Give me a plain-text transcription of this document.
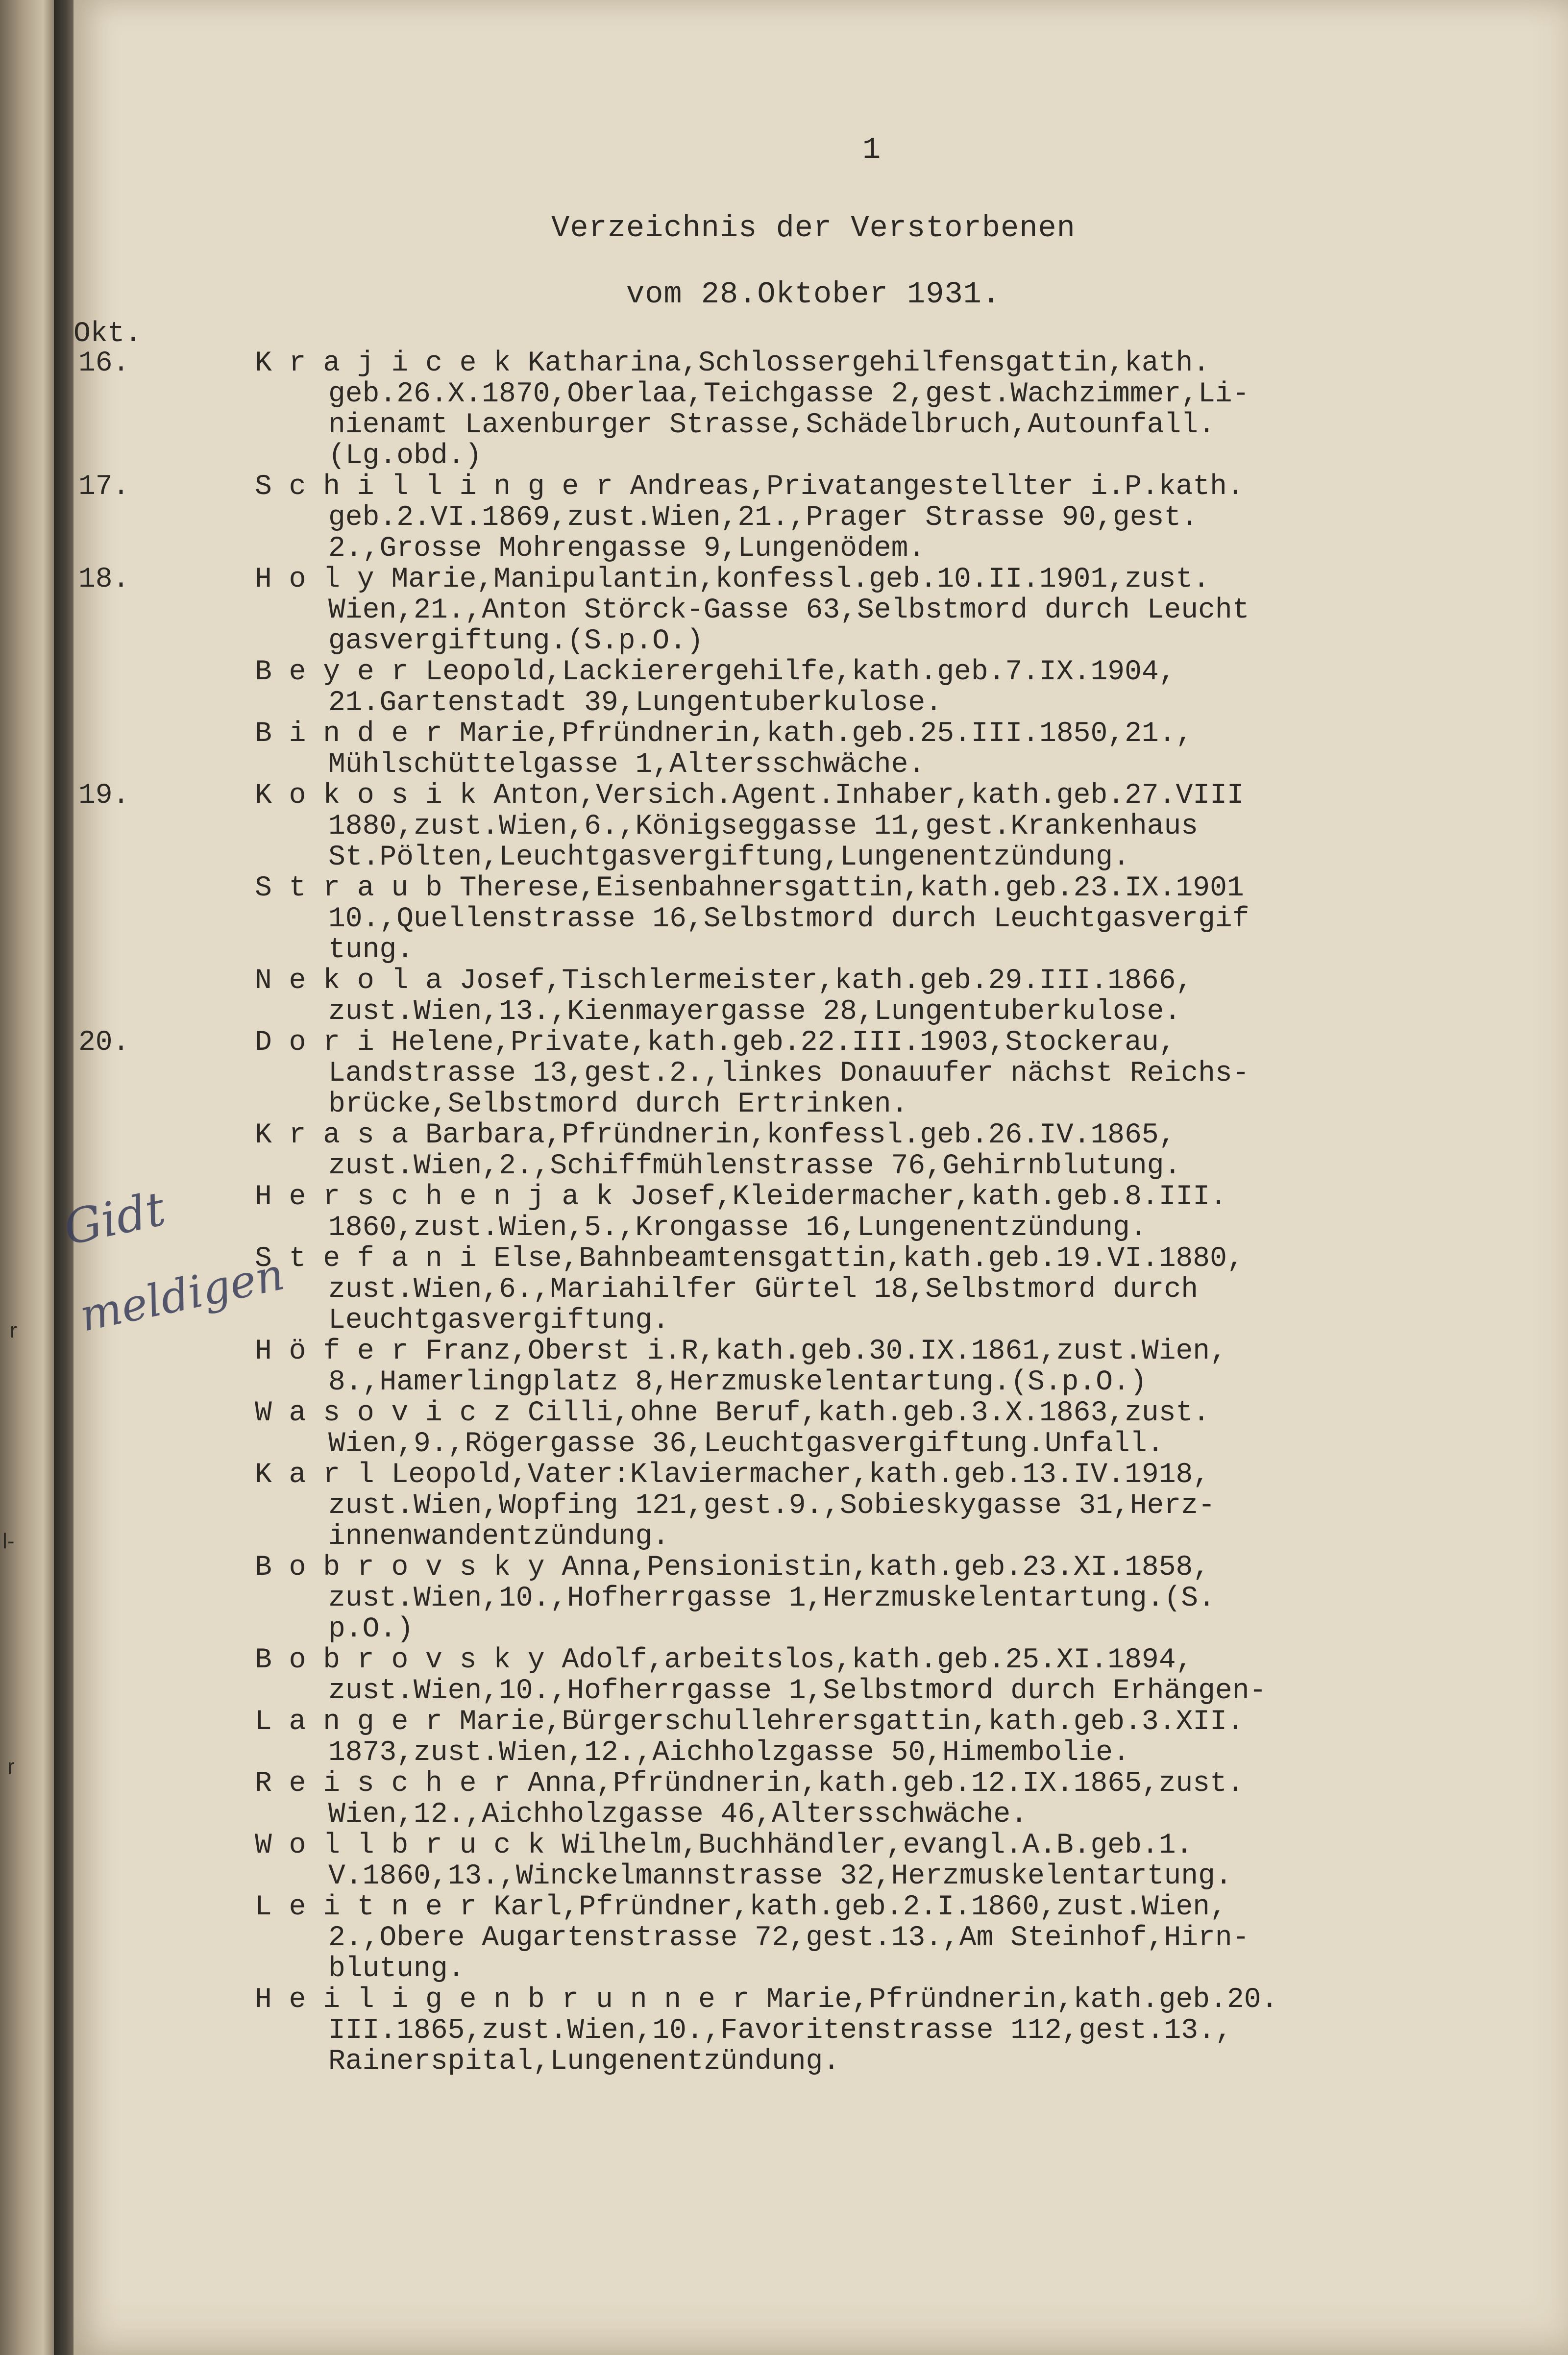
r
l-
r
Gidt
meldigen
1
Verzeichnis der Verstorbenen
vom 28.Oktober 1931.
Okt.
16.	K r a j i c e k Katharina,Schlossergehilfensgattin,kath.
geb.26.X.1870,Oberlaa,Teichgasse 2,gest.Wachzimmer,Li-
nienamt Laxenburger Strasse,Schädelbruch,Autounfall.
(Lg.obd.)
17.	S c h i l l i n g e r Andreas,Privatangestellter i.P.kath.
geb.2.VI.1869,zust.Wien,21.,Prager Strasse 90,gest.
2.,Grosse Mohrengasse 9,Lungenödem.
18.	H o l y Marie,Manipulantin,konfessl.geb.10.II.1901,zust.
Wien,21.,Anton Störck-Gasse 63,Selbstmord durch Leucht
gasvergiftung.(S.p.O.)
B e y e r Leopold,Lackierergehilfe,kath.geb.7.IX.1904,
21.Gartenstadt 39,Lungentuberkulose.
B i n d e r Marie,Pfründnerin,kath.geb.25.III.1850,21.,
Mühlschüttelgasse 1,Altersschwäche.
19.	K o k o s i k Anton,Versich.Agent.Inhaber,kath.geb.27.VIII
1880,zust.Wien,6.,Königseggasse 11,gest.Krankenhaus
St.Pölten,Leuchtgasvergiftung,Lungenentzündung.
S t r a u b Therese,Eisenbahnersgattin,kath.geb.23.IX.1901
10.,Quellenstrasse 16,Selbstmord durch Leuchtgasvergif
tung.
N e k o l a Josef,Tischlermeister,kath.geb.29.III.1866,
zust.Wien,13.,Kienmayergasse 28,Lungentuberkulose.
20.	D o r i Helene,Private,kath.geb.22.III.1903,Stockerau,
Landstrasse 13,gest.2.,linkes Donauufer nächst Reichs-
brücke,Selbstmord durch Ertrinken.
K r a s a Barbara,Pfründnerin,konfessl.geb.26.IV.1865,
zust.Wien,2.,Schiffmühlenstrasse 76,Gehirnblutung.
H e r s c h e n j a k Josef,Kleidermacher,kath.geb.8.III.
1860,zust.Wien,5.,Krongasse 16,Lungenentzündung.
S t e f a n i Else,Bahnbeamtensgattin,kath.geb.19.VI.1880,
zust.Wien,6.,Mariahilfer Gürtel 18,Selbstmord durch
Leuchtgasvergiftung.
H ö f e r Franz,Oberst i.R,kath.geb.30.IX.1861,zust.Wien,
8.,Hamerlingplatz 8,Herzmuskelentartung.(S.p.O.)
W a s o v i c z Cilli,ohne Beruf,kath.geb.3.X.1863,zust.
Wien,9.,Rögergasse 36,Leuchtgasvergiftung.Unfall.
K a r l Leopold,Vater:Klaviermacher,kath.geb.13.IV.1918,
zust.Wien,Wopfing 121,gest.9.,Sobieskygasse 31,Herz-
innenwandentzündung.
B o b r o v s k y Anna,Pensionistin,kath.geb.23.XI.1858,
zust.Wien,10.,Hofherrgasse 1,Herzmuskelentartung.(S.
p.O.)
B o b r o v s k y Adolf,arbeitslos,kath.geb.25.XI.1894,
zust.Wien,10.,Hofherrgasse 1,Selbstmord durch Erhängen-
L a n g e r Marie,Bürgerschullehrersgattin,kath.geb.3.XII.
1873,zust.Wien,12.,Aichholzgasse 50,Himembolie.
R e i s c h e r Anna,Pfründnerin,kath.geb.12.IX.1865,zust.
Wien,12.,Aichholzgasse 46,Altersschwäche.
W o l l b r u c k Wilhelm,Buchhändler,evangl.A.B.geb.1.
V.1860,13.,Winckelmannstrasse 32,Herzmuskelentartung.
L e i t n e r Karl,Pfründner,kath.geb.2.I.1860,zust.Wien,
2.,Obere Augartenstrasse 72,gest.13.,Am Steinhof,Hirn-
blutung.
H e i l i g e n b r u n n e r Marie,Pfründnerin,kath.geb.20.
III.1865,zust.Wien,10.,Favoritenstrasse 112,gest.13.,
Rainerspital,Lungenentzündung.
